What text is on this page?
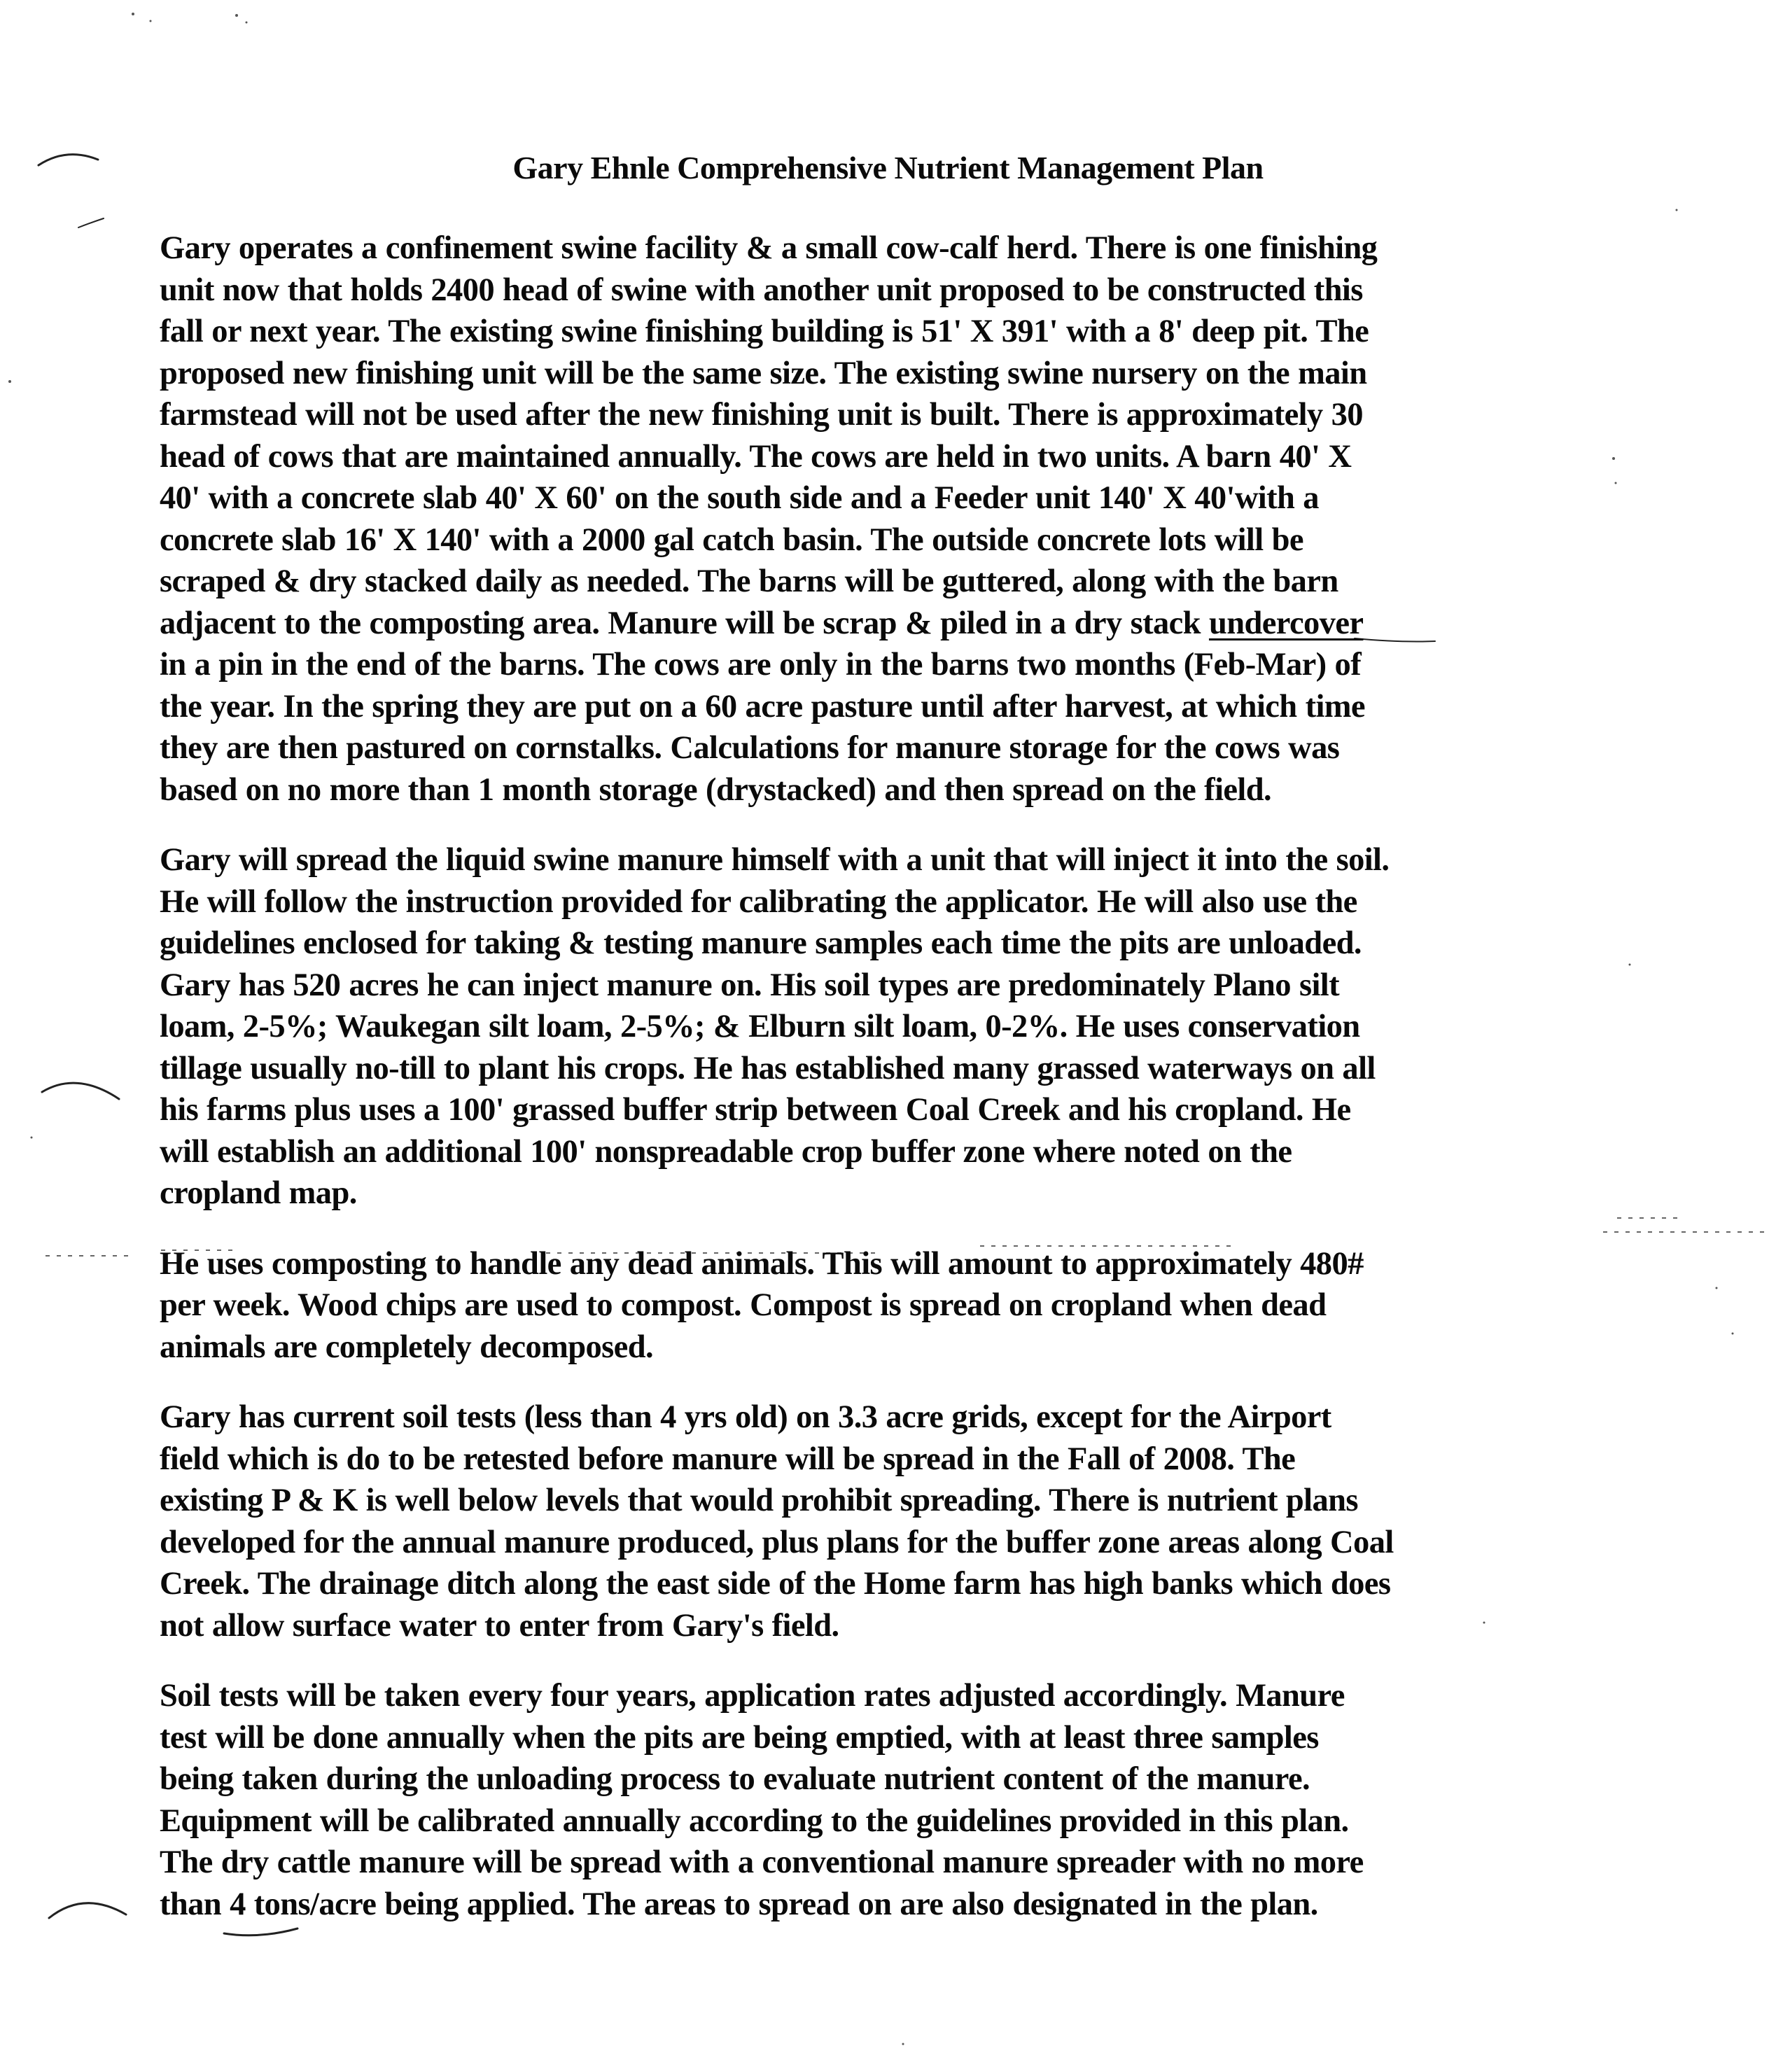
Gary Ehnle Comprehensive Nutrient Management Plan
Gary operates a confinement swine facility & a small cow-calf herd. There is one finishing
unit now that holds 2400 head of swine with another unit proposed to be constructed this
fall or next year. The existing swine finishing building is 51' X 391' with a 8' deep pit. The
proposed new finishing unit will be the same size. The existing swine nursery on the main
farmstead will not be used after the new finishing unit is built. There is approximately 30
head of cows that are maintained annually. The cows are held in two units. A barn 40' X
40' with a concrete slab 40' X 60' on the south side and a Feeder unit 140' X 40'with a
concrete slab 16' X 140' with a 2000 gal catch basin. The outside concrete lots will be
scraped & dry stacked daily as needed. The barns will be guttered, along with the barn
adjacent to the composting area. Manure will be scrap & piled in a dry stack undercover
in a pin in the end of the barns. The cows are only in the barns two months (Feb-Mar) of
the year. In the spring they are put on a 60 acre pasture until after harvest, at which time
they are then pastured on cornstalks. Calculations for manure storage for the cows was
based on no more than 1 month storage (drystacked) and then spread on the field.
Gary will spread the liquid swine manure himself with a unit that will inject it into the soil.
He will follow the instruction provided for calibrating the applicator. He will also use the
guidelines enclosed for taking & testing manure samples each time the pits are unloaded.
Gary has 520 acres he can inject manure on. His soil types are predominately Plano silt
loam, 2-5%; Waukegan silt loam, 2-5%; & Elburn silt loam, 0-2%. He uses conservation
tillage usually no-till to plant his crops. He has established many grassed waterways on all
his farms plus uses a 100' grassed buffer strip between Coal Creek and his cropland. He
will establish an additional 100' nonspreadable crop buffer zone where noted on the
cropland map.
He uses composting to handle any dead animals. This will amount to approximately 480#
per week. Wood chips are used to compost. Compost is spread on cropland when dead
animals are completely decomposed.
Gary has current soil tests (less than 4 yrs old) on 3.3 acre grids, except for the Airport
field which is do to be retested before manure will be spread in the Fall of 2008. The
existing P & K is well below levels that would prohibit spreading. There is nutrient plans
developed for the annual manure produced, plus plans for the buffer zone areas along Coal
Creek. The drainage ditch along the east side of the Home farm has high banks which does
not allow surface water to enter from Gary's field.
Soil tests will be taken every four years, application rates adjusted accordingly. Manure
test will be done annually when the pits are being emptied, with at least three samples
being taken during the unloading process to evaluate nutrient content of the manure.
Equipment will be calibrated annually according to the guidelines provided in this plan.
The dry cattle manure will be spread with a conventional manure spreader with no more
than 4 tons/acre being applied. The areas to spread on are also designated in the plan.
